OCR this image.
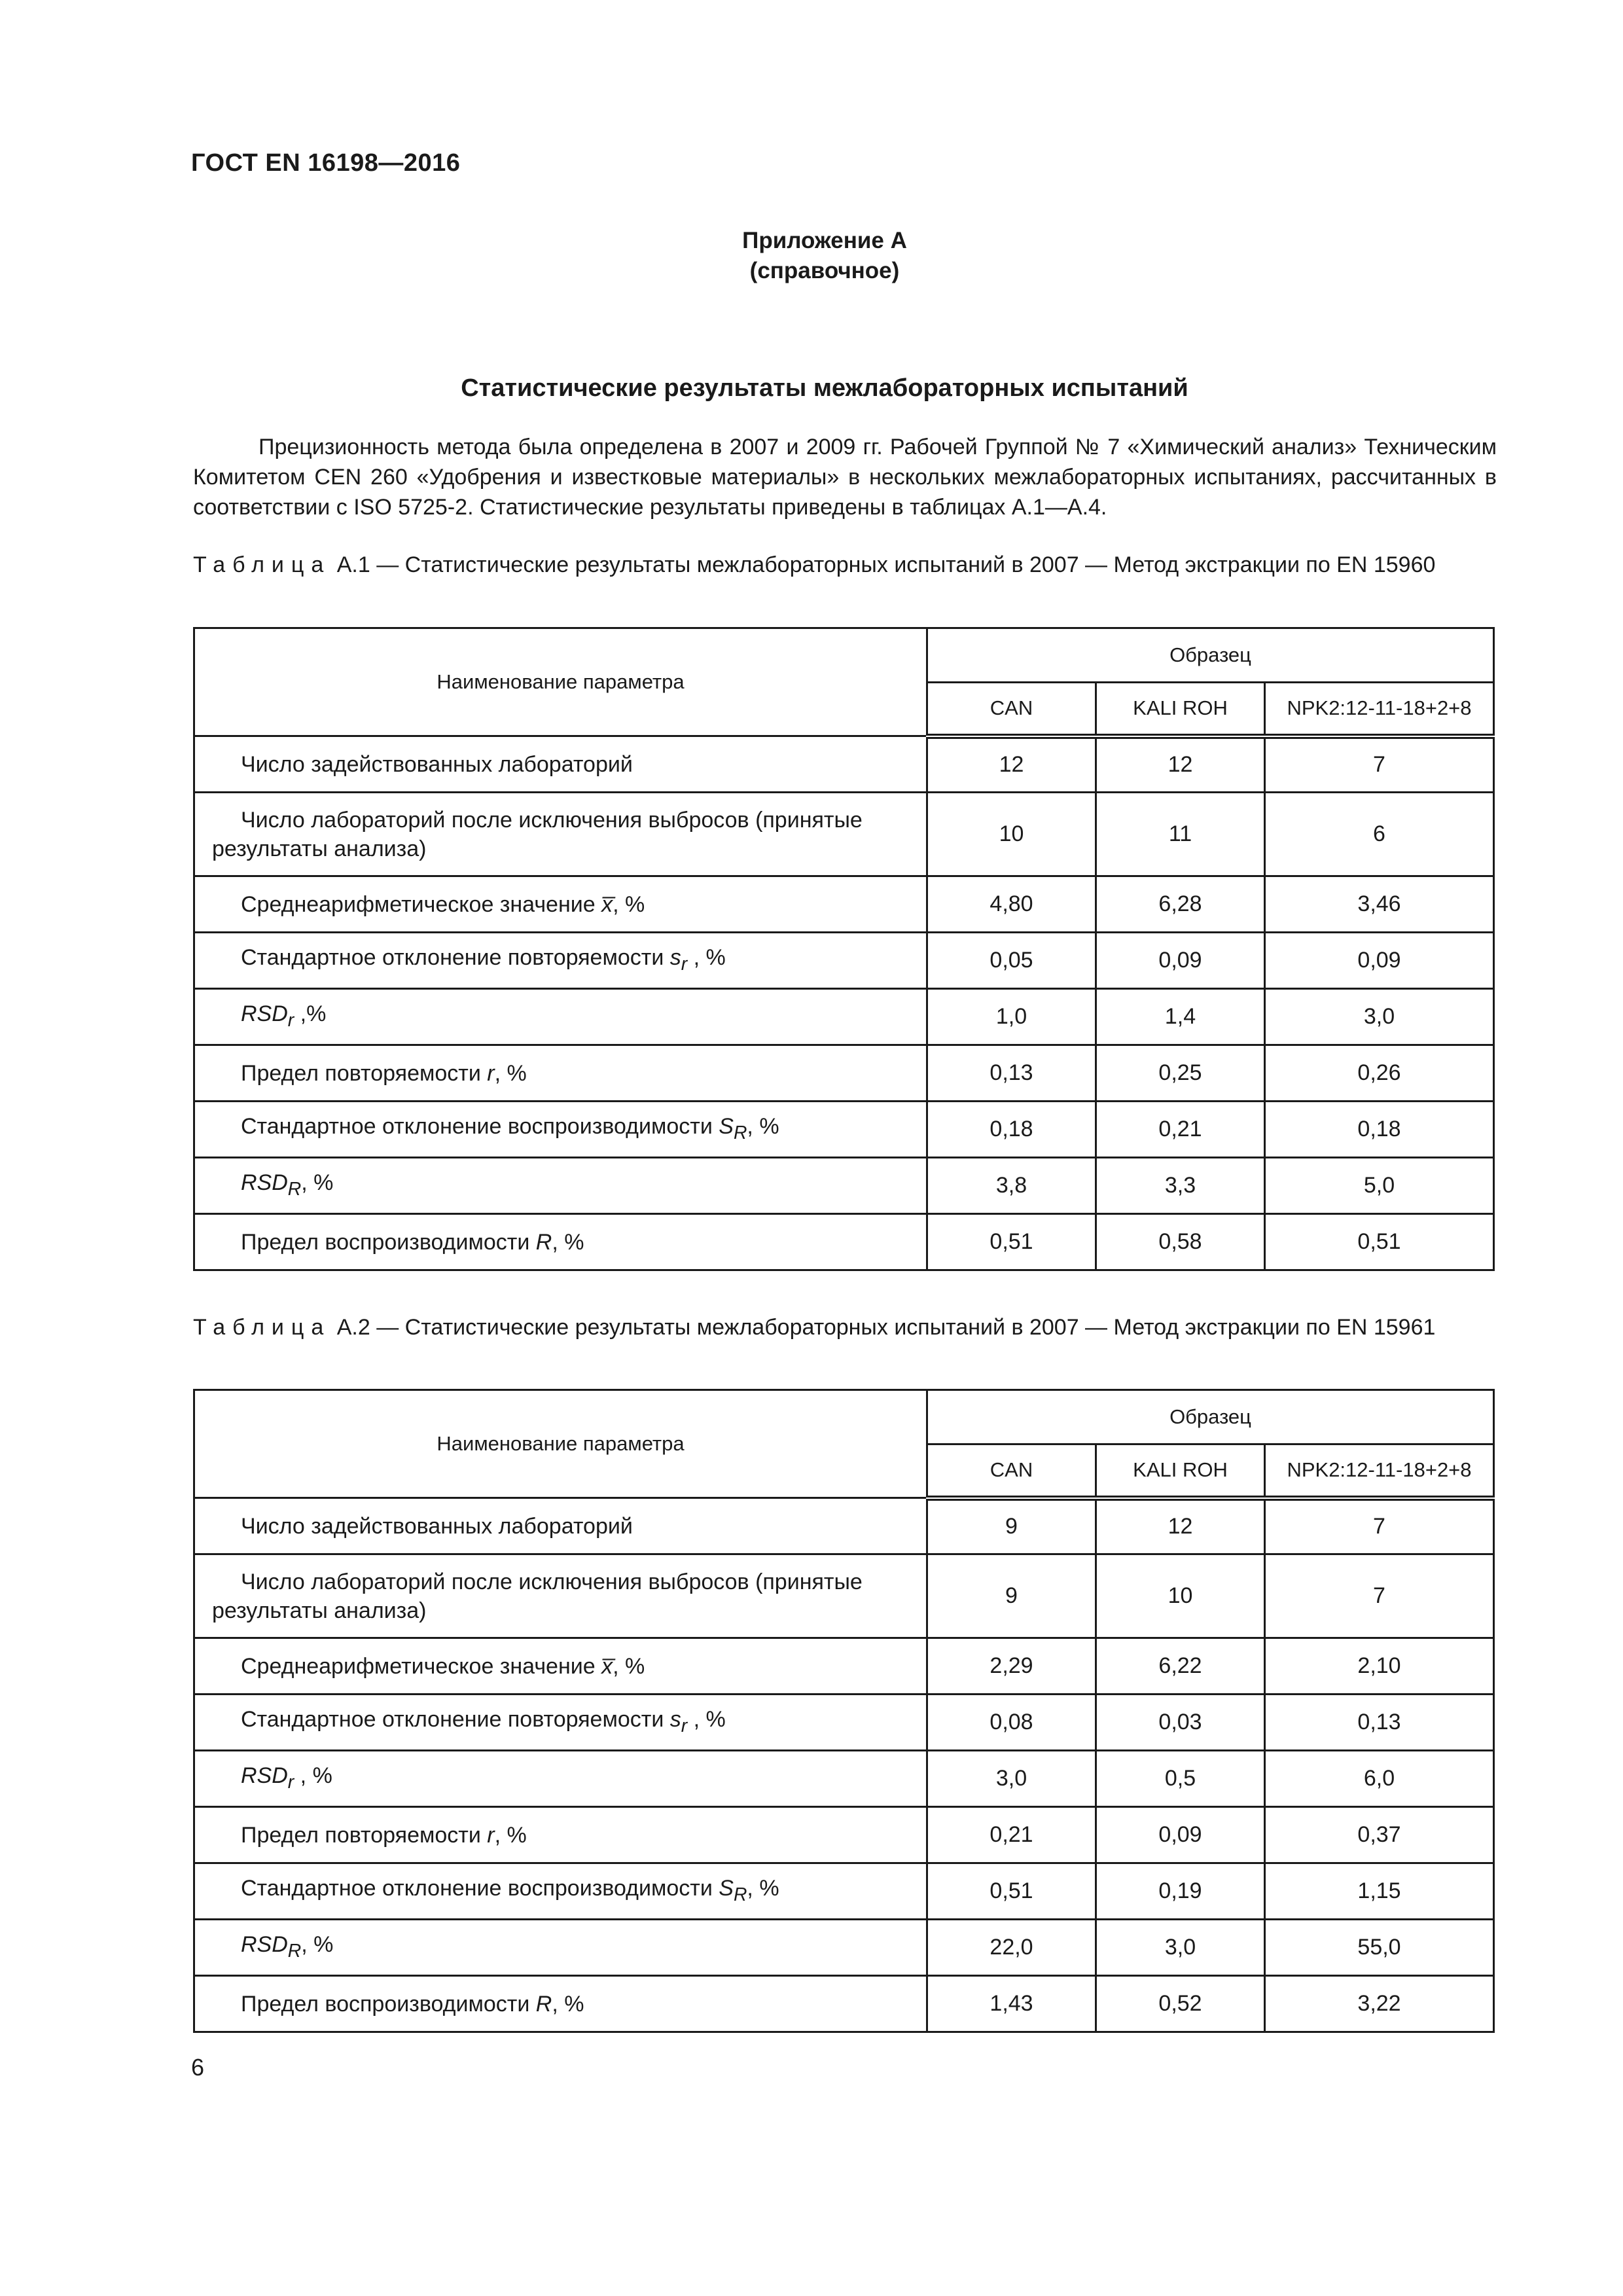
ГОСТ EN 16198—2016
Приложение А
(справочное)
Статистические результаты межлабораторных испытаний

Прецизионность метода была определена в 2007 и 2009 гг. Рабочей Группой № 7 «Химический анализ» Техническим Комитетом CEN 260 «Удобрения и известковые материалы» в нескольких межлабораторных испытаниях, рассчитанных в соответствии с ISO 5725-2. Статистические результаты приведены в таблицах А.1—А.4.

Таблица А.1 — Статистические результаты межлабораторных испытаний в 2007 — Метод экстракции по EN 15960
Наименование параметра	Образец		
	CAN	KALI ROH	NPK2:12-11-18+2+8
Число задействованных лабораторий	12	12	7
Число лабораторий после исключения выбросов (принятые результаты анализа)	10	11	6
Среднеарифметическое значение x̅, %	4,80	6,28	3,46
Стандартное отклонение повторяемости $s_r$ , %	0,05	0,09	0,09
$RSD_r$ ,%	1,0	1,4	3,0
Предел повторяемости r, %	0,13	0,25	0,26
Стандартное отклонение воспроизводимости $S_R$, %	0,18	0,21	0,18
$RSD_R$, %	3,8	3,3	5,0
Предел воспроизводимости R, %	0,51	0,58	0,51
Таблица А.2 — Статистические результаты межлабораторных испытаний в 2007 — Метод экстракции по EN 15961
Наименование параметра	Образец		
	CAN	KALI ROH	NPK2:12-11-18+2+8
Число задействованных лабораторий	9	12	7
Число лабораторий после исключения выбросов (принятые результаты анализа)	9	10	7
Среднеарифметическое значение x̅, %	2,29	6,22	2,10
Стандартное отклонение повторяемости $s_r$ , %	0,08	0,03	0,13
$RSD_r$ , %	3,0	0,5	6,0
Предел повторяемости r, %	0,21	0,09	0,37
Стандартное отклонение воспроизводимости $S_R$, %	0,51	0,19	1,15
$RSD_R$, %	22,0	3,0	55,0
Предел воспроизводимости R, %	1,43	0,52	3,22
6
